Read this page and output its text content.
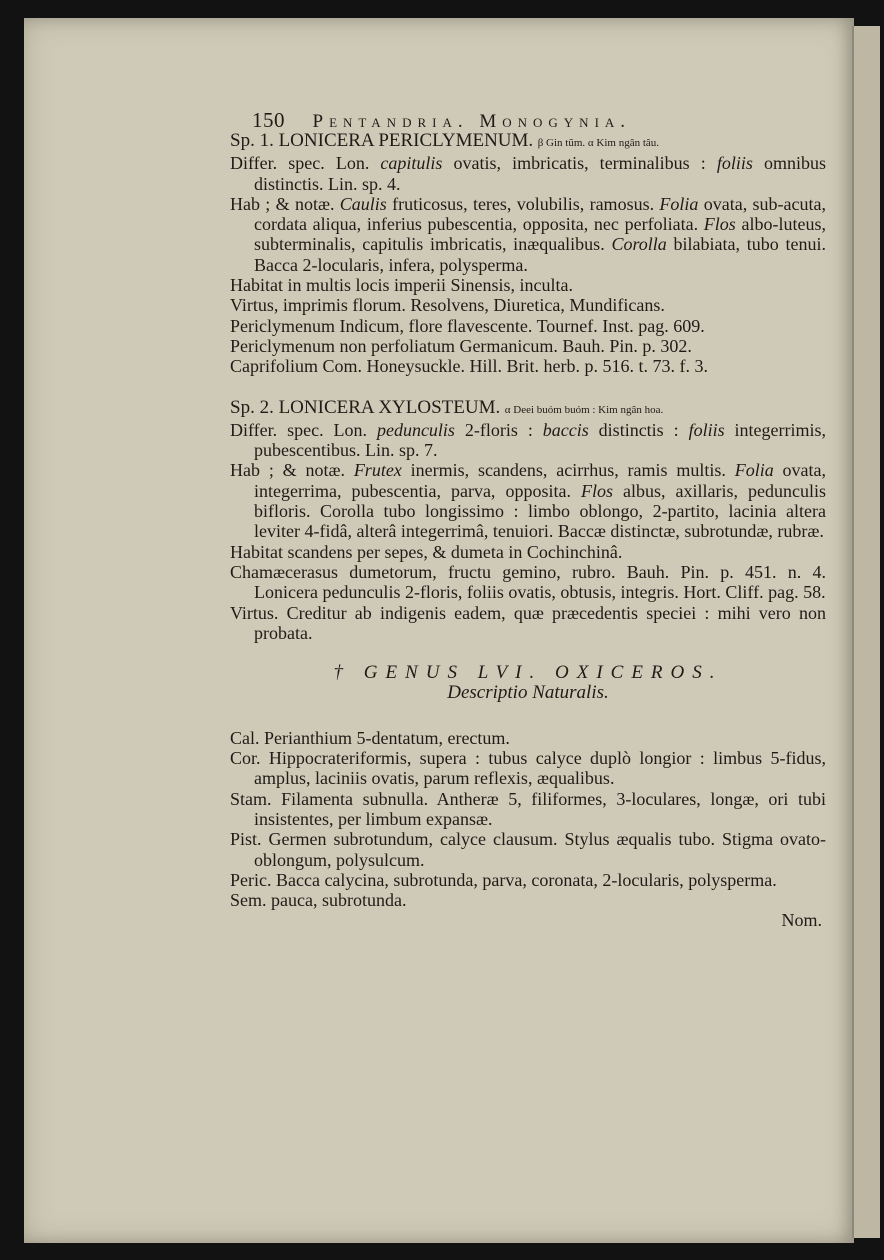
150 Pentandria. Monogynia.

Sp. 1. LONICERA PERICLYMENUM. β Gin tũm. α Kim ngân tâu.

Differ. spec. Lon. capitulis ovatis, imbricatis, terminalibus : foliis omnibus distinctis. Lin. sp. 4.

Hab ; & notæ. Caulis fruticosus, teres, volubilis, ramosus. Folia ovata, sub-acuta, cordata aliqua, inferius pubescentia, opposita, nec perfoliata. Flos albo-luteus, subterminalis, capitulis imbricatis, inæqualibus. Corolla bilabiata, tubo tenui. Bacca 2-locularis, infera, polysperma.

Habitat in multis locis imperii Sinensis, inculta.

Virtus, imprimis florum. Resolvens, Diuretica, Mundificans.

Periclymenum Indicum, flore flavescente. Tournef. Inst. pag. 609.

Periclymenum non perfoliatum Germanicum. Bauh. Pin. p. 302.

Caprifolium Com. Honeysuckle. Hill. Brit. herb. p. 516. t. 73. f. 3.

Sp. 2. LONICERA XYLOSTEUM. α Deei buóm buóm : Kim ngân hoa.

Differ. spec. Lon. pedunculis 2-floris : baccis distinctis : foliis integerrimis, pubescentibus. Lin. sp. 7.

Hab ; & notæ. Frutex inermis, scandens, acirrhus, ramis multis. Folia ovata, integerrima, pubescentia, parva, opposita. Flos albus, axillaris, pedunculis bifloris. Corolla tubo longissimo : limbo oblongo, 2-partito, lacinia altera leviter 4-fidâ, alterâ integerrimâ, tenuiori. Baccæ distinctæ, subrotundæ, rubræ.

Habitat scandens per sepes, & dumeta in Cochinchinâ.

Chamæcerasus dumetorum, fructu gemino, rubro. Bauh. Pin. p. 451. n. 4. Lonicera pedunculis 2-floris, foliis ovatis, obtusis, integris. Hort. Cliff. pag. 58.

Virtus. Creditur ab indigenis eadem, quæ præcedentis speciei : mihi vero non probata.

† GENUS LVI. OXICEROS.

Descriptio Naturalis.

Cal. Perianthium 5-dentatum, erectum.

Cor. Hippocrateriformis, supera : tubus calyce duplò longior : limbus 5-fidus, amplus, laciniis ovatis, parum reflexis, æqualibus.

Stam. Filamenta subnulla. Antheræ 5, filiformes, 3-loculares, longæ, ori tubi insistentes, per limbum expansæ.

Pist. Germen subrotundum, calyce clausum. Stylus æqualis tubo. Stigma ovato-oblongum, polysulcum.

Peric. Bacca calycina, subrotunda, parva, coronata, 2-locularis, polysperma.

Sem. pauca, subrotunda.

Nom.
